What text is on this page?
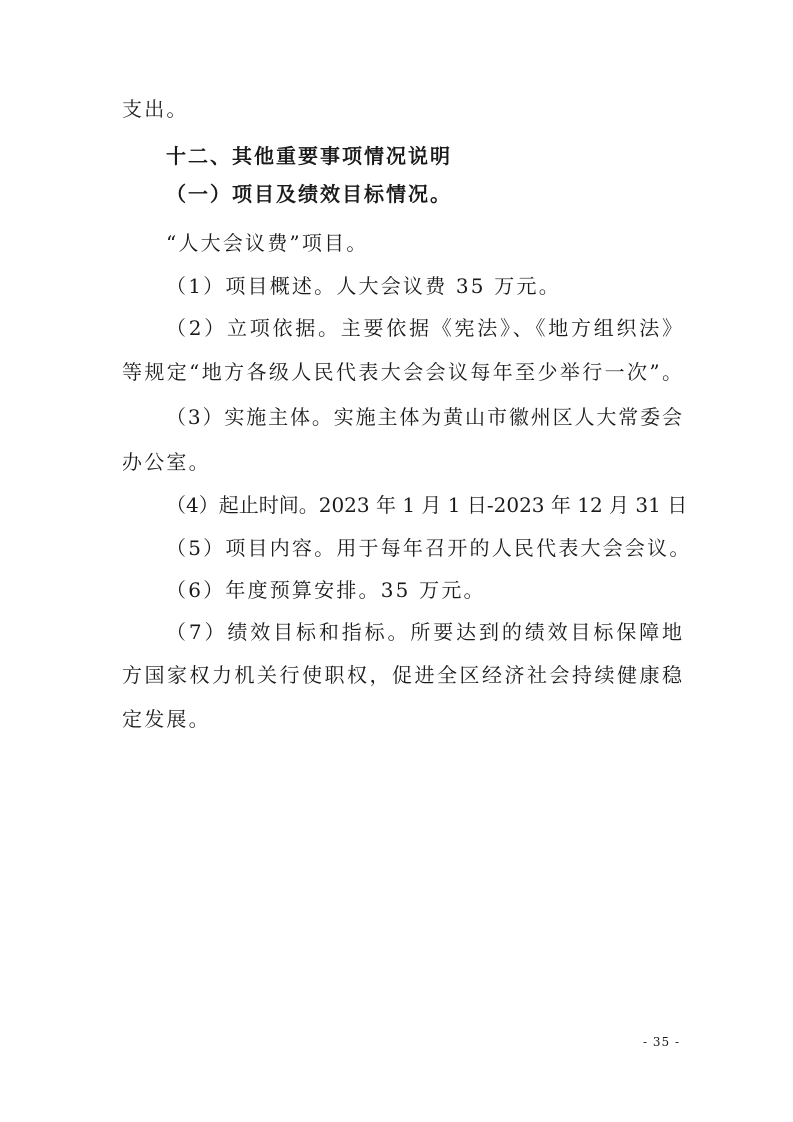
支出。
十二、其他重要事项情况说明
（一）项目及绩效目标情况。
“人大会议费”项目。
（1）项目概述。人大会议费 35 万元。
（2）立项依据。主要依据《宪法》、《地方组织法》
等规定“地方各级人民代表大会会议每年至少举行一次”。
（3）实施主体。实施主体为黄山市徽州区人大常委会
办公室。
（4）起止时间。2023 年 1 月 1 日-2023 年 12 月 31 日
（5）项目内容。用于每年召开的人民代表大会会议。
（6）年度预算安排。35 万元。
（7）绩效目标和指标。所要达到的绩效目标保障地
方国家权力机关行使职权，促进全区经济社会持续健康稳
定发展。
- 35 -
